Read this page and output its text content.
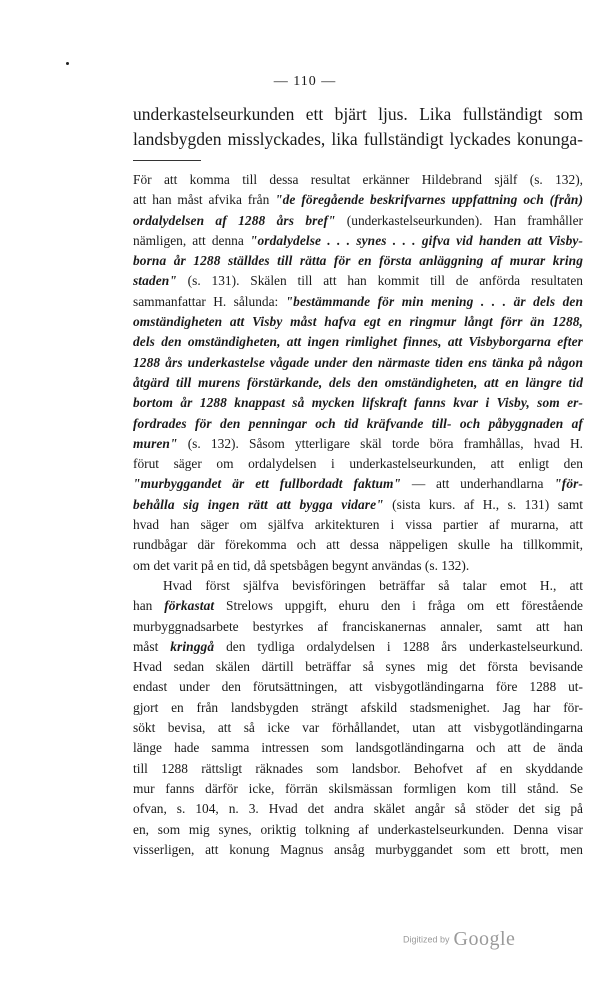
— 110 —
underkastelseurkunden ett bjärt ljus. Lika fullständigt som
landsbygden misslyckades, lika fullständigt lyckades konunga-
För att komma till dessa resultat erkänner Hildebrand själf (s. 132),
att han måst afvika från "de föregående beskrifvarnes uppfattning och (från)
ordalydelsen af 1288 års bref" (underkastelseurkunden). Han framhåller
nämligen, att denna "ordalydelse . . . synes . . . gifva vid handen att Visby-
borna år 1288 ställdes till rätta för en första anläggning af murar kring
staden" (s. 131). Skälen till att han kommit till de anförda resultaten
sammanfattar H. sålunda: "bestämmande för min mening . . . är dels den
omständigheten att Visby måst hafva egt en ringmur långt förr än 1288,
dels den omständigheten, att ingen rimlighet finnes, att Visbyborgarna efter
1288 års underkastelse vågade under den närmaste tiden ens tänka på någon
åtgärd till murens förstärkande, dels den omständigheten, att en längre tid
bortom år 1288 knappast så mycken lifskraft fanns kvar i Visby, som er-
fordrades för den penningar och tid kräfvande till- och påbyggnaden af
muren" (s. 132). Såsom ytterligare skäl torde böra framhållas, hvad H.
förut säger om ordalydelsen i underkastelseurkunden, att enligt den
"murbyggandet är ett fullbordadt faktum" — att underhandlarna "för-
behålla sig ingen rätt att bygga vidare" (sista kurs. af H., s. 131) samt
hvad han säger om själfva arkitekturen i vissa partier af murarna, att
rundbågar där förekomma och att dessa näppeligen skulle ha tillkommit,
om det varit på en tid, då spetsbågen begynt användas (s. 132).
Hvad först själfva bevisföringen beträffar så talar emot H., att
han förkastat Strelows uppgift, ehuru den i fråga om ett förestående
murbyggnadsarbete bestyrkes af franciskanernas annaler, samt att han
måst kringgå den tydliga ordalydelsen i 1288 års underkastelseurkund.
Hvad sedan skälen därtill beträffar så synes mig det första bevisande
endast under den förutsättningen, att visbygotländingarna före 1288 ut-
gjort en från landsbygden strängt afskild stadsmenighet. Jag har för-
sökt bevisa, att så icke var förhållandet, utan att visbygotländingarna
länge hade samma intressen som landsgotländingarna och att de ända
till 1288 rättsligt räknades som landsbor. Behofvet af en skyddande
mur fanns därför icke, förrän skilsmässan formligen kom till stånd. Se
ofvan, s. 104, n. 3. Hvad det andra skälet angår så stöder det sig på
en, som mig synes, oriktig tolkning af underkastelseurkunden. Denna visar
visserligen, att konung Magnus ansåg murbyggandet som ett brott, men
Digitized by Google
